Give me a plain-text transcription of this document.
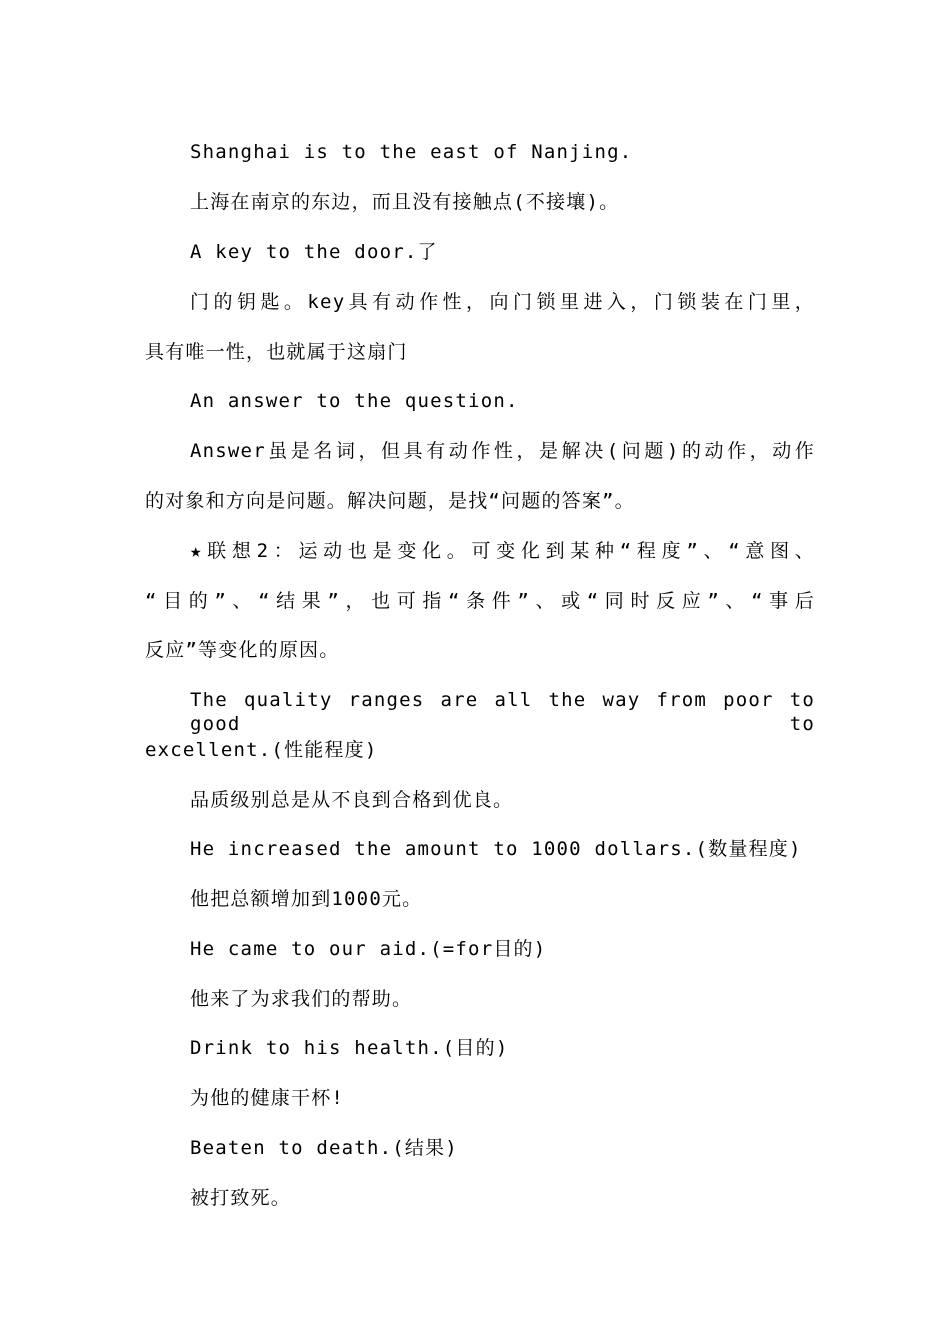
Shanghai is to the east of Nanjing.
上海在南京的东边，而且没有接触点(不接壤)。
A key to the door.了
门的钥匙。key具有动作性，向门锁里进入，门锁装在门里，
具有唯一性，也就属于这扇门
An answer to the question.
Answer虽是名词，但具有动作性，是解决(问题)的动作，动作
的对象和方向是问题。解决问题，是找“问题的答案”。
★联想2：运动也是变化。可变化到某种“程度”、“意图、
“目的”、“结果”，也可指“条件”、或“同时反应”、“事后
反应”等变化的原因。
The quality ranges are all the way from poor to good to
excellent.(性能程度)
品质级别总是从不良到合格到优良。
He increased the amount to 1000 dollars.(数量程度)
他把总额增加到1000元。
He came to our aid.(=for目的)
他来了为求我们的帮助。
Drink to his health.(目的)
为他的健康干杯!
Beaten to death.(结果)
被打致死。
